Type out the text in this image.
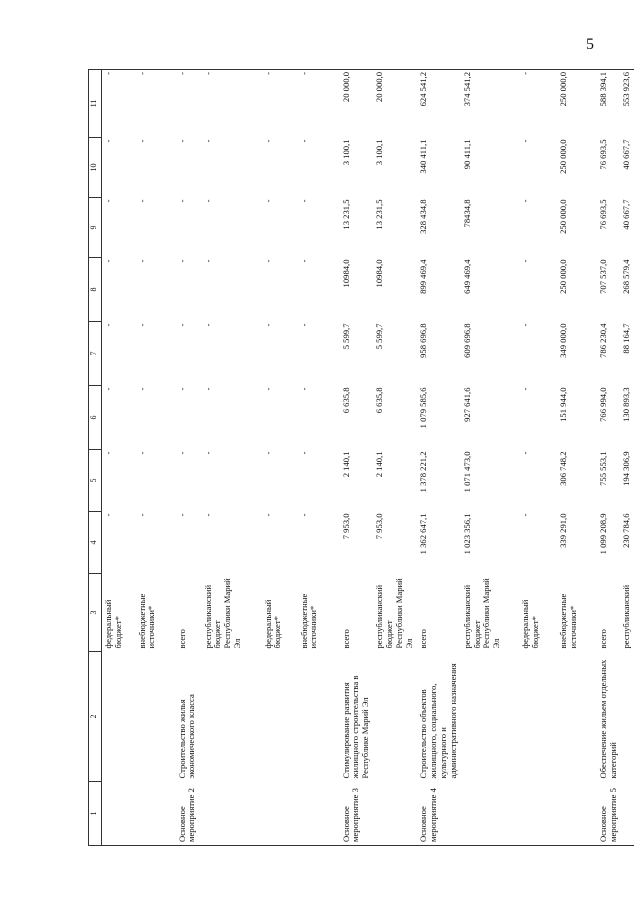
5
1	2	3	4	5	6	7	8	9	10	11
		федеральный бюджет*	-	-	-	-	-	-	-	-
		внебюджетные источники*	-	-	-	-	-	-	-	-
Основное мероприятие 2	Строительство жилья экономического класса	всего	-	-	-	-	-	-	-	-
		республиканский бюджет Республики Марий Эл	-	-	-	-	-	-	-	-
		федеральный бюджет*	-	-	-	-	-	-	-	-
		внебюджетные источники*	-	-	-	-	-	-	-	-
Основное мероприятие 3	Стимулирование развития жилищного строительства в Республике Марий Эл	всего	7 953,0	2 140,1	6 635,8	5 599,7	10984,0	13 231,5	3 100,1	20 000,0
		республиканский бюджет Республики Марий Эл	7 953,0	2 140,1	6 635,8	5 599,7	10984,0	13 231,5	3 100,1	20 000,0
Основное мероприятие 4	Строительство объектов жилищного, социального, культурного и административного назначения	всего	1 362 647,1	1 378 221,2	1 079 585,6	958 696,8	899 469,4	328 434,8	340 411,1	624 541,2
		республиканский бюджет Республики Марий Эл	1 023 356,1	1 071 473,0	927 641,6	609 696,8	649 469,4	78434,8	90 411,1	374 541,2
		федеральный бюджет*	-	-	-	-	-	-	-	-
		внебюджетные источники*	339 291,0	306 748,2	151 944,0	349 000,0	250 000,0	250 000,0	250 000,0	250 000,0
Основное мероприятие 5	Обеспечение жильем отдельных категорий	всего	1 099 208,9	755 553,1	766 994,0	786 230,4	707 537,0	76 693,5	76 693,5	588 394,1
		республиканский	230 784,6	194 306,9	130 893,3	88 164,7	268 579,4	40 667,7	40 667,7	553 923,6
